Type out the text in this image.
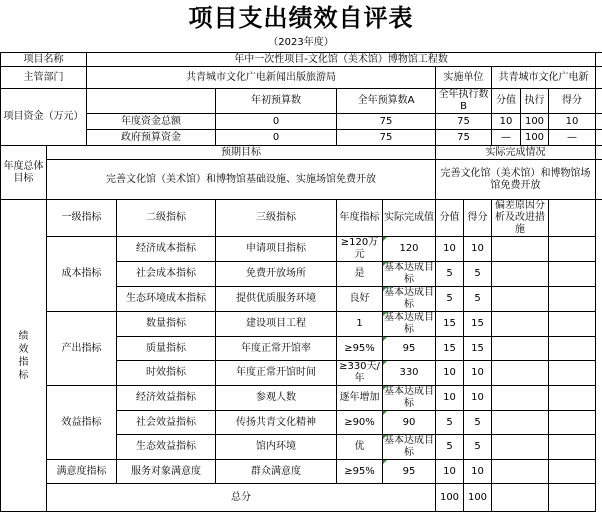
项目支出绩效自评表
（2023年度）
项目名称		年中一次性项目-文化馆（美术馆）博物馆工程数										
主管部门		共青城市文化广电新闻出版旅游局					实施单位		共青城市文化广电新			
项目资金（万元）				年初预算数	全年预算数A		全年执行数B		分值	执行	得分	
		年度资金总额		0	75		75		10	100	10	
		政府预算资金		0	75		75		—	100	—	
年度总体目标	预期目标						实际完成情况					
	完善文化馆（美术馆）和博物馆基础设施、实施场馆免费开放						完善文化馆（美术馆）和博物馆场馆免费开放					
绩效指标	一级指标		二级指标	三级指标	年度指标	实际完成值	分值	得分	偏差原因分析及改进措施			
	成本指标		经济成本指标	申请项目指标	≥120万元	120	10	10				
			社会成本指标	免费开放场所	是	基本达成目标	5	5				
			生态环境成本指标	提供优质服务环境	良好	基本达成目标	5	5				
	产出指标		数量指标	建设项目工程	1	基本达成目标	15	15				
			质量指标	年度正常开馆率	≥95%	95	15	15				
			时效指标	年度正常开馆时间	≥330天/年	330	10	10				
	效益指标		经济效益指标	参观人数	逐年增加	基本达成目标	10	10				
			社会效益指标	传扬共青文化精神	≥90%	90	5	5				
			生态效益指标	馆内环境	优	基本达成目标	5	5				
	满意度指标		服务对象满意度	群众满意度	≥95%	95	10	10				
	总分						100	100				
